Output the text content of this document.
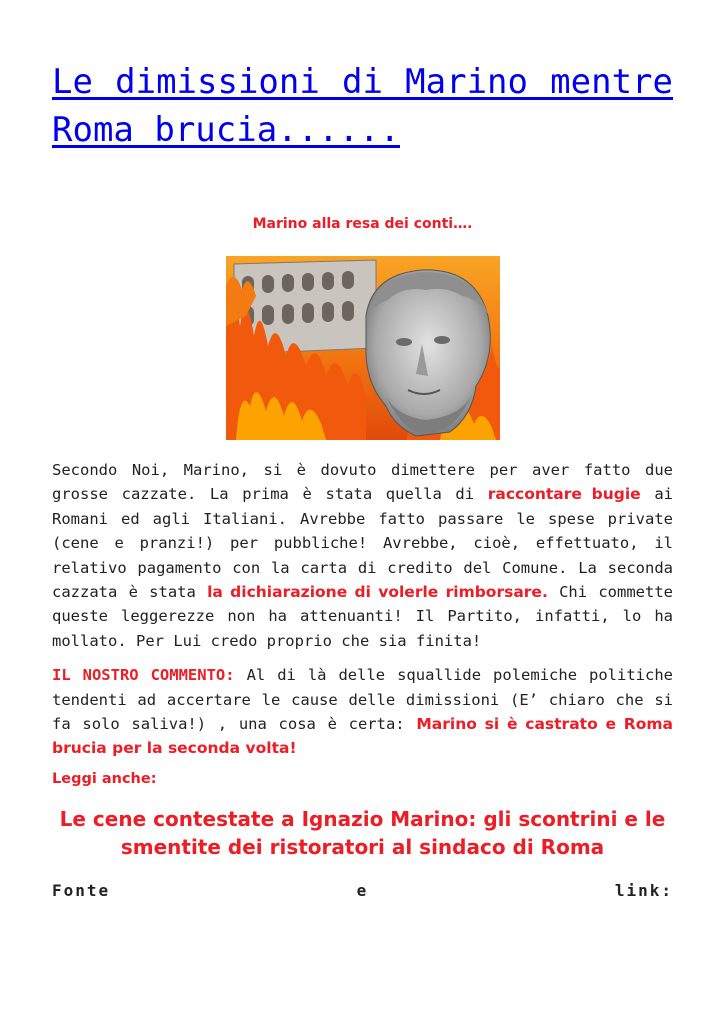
Le dimissioni di Marino mentre Roma brucia......
Marino alla resa dei conti….

Secondo Noi, Marino, si è dovuto dimettere per aver fatto due grosse cazzate. La prima è stata quella di raccontare bugie ai Romani ed agli Italiani. Avrebbe fatto passare le spese private (cene e pranzi!) per pubbliche! Avrebbe, cioè, effettuato, il relativo pagamento con la carta di credito del Comune. La seconda cazzata è stata la dichiarazione di volerle rimborsare. Chi commette queste leggerezze non ha attenuanti! Il Partito, infatti, lo ha mollato. Per Lui credo proprio che sia finita!

IL NOSTRO COMMENTO: Al di là delle squallide polemiche politiche tendenti ad accertare le cause delle dimissioni (E’ chiaro che si fa solo saliva!) , una cosa è certa: Marino si è castrato e Roma brucia per la seconda volta!

Leggi anche:
Le cene contestate a Ignazio Marino: gli scontrini e le smentite dei ristoratori al sindaco di Roma
Fonte	e	link:
